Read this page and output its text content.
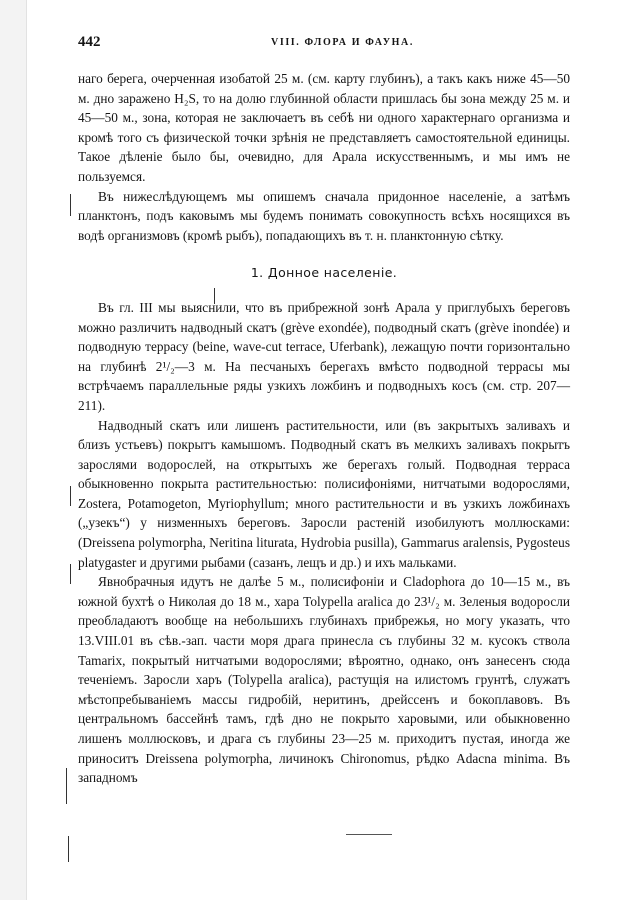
442	VIII. ФЛОРА И ФАУНА.

нaго берега, очерченная изобатой 25 м. (см. карту глубинъ), а такъ какъ ниже 45—50 м. дно заражено H₂S, то на долю глубинной области пришлась бы зона между 25 м. и 45—50 м., зона, которая не заключаетъ въ себѣ ни одного характернаго организма и кромѣ того съ физической точки зрѣнія не представляетъ самостоятельной единицы. Такое дѣленіе было бы, очевидно, для Арала искусственнымъ, и мы имъ не пользуемся.

Въ нижеслѣдующемъ мы опишемъ сначала придонное населеніе, а затѣмъ планктонъ, подъ каковымъ мы будемъ понимать совокупность всѣхъ носящихся въ водѣ организмовъ (кромѣ рыбъ), попадающихъ въ т. н. планктонную сѣтку.

1. Донное населеніе.

Въ гл. III мы выяснили, что въ прибрежной зонѣ Арала у приглубыхъ береговъ можно различить надводный скатъ (grève exondée), подводный скатъ (grève inondée) и подводную террасу (beine, wave-cut terrace, Uferbank), лежащую почти горизонтально на глубинѣ 2¹/₂—3 м. На песчаныхъ берегахъ вмѣсто подводной террасы мы встрѣчаемъ параллельные ряды узкихъ ложбинъ и подводныхъ косъ (см. стр. 207—211).

Надводный скатъ или лишенъ растительности, или (въ закрытыхъ заливахъ и близъ устьевъ) покрытъ камышомъ. Подводный скатъ въ мелкихъ заливахъ покрытъ зарослями водорослей, на открытыхъ же берегахъ голый. Подводная терраса обыкновенно покрыта растительностью: полисифоніями, нитчатыми водорослями, Zostera, Potamogeton, Myriophyllum; много растительности и въ узкихъ ложбинахъ („узекъ“) у низменныхъ береговъ. Заросли растеній изобилуютъ моллюсками: (Dreissena polymorpha, Neritina liturata, Hydrobia pusilla), Gammarus aralensis, Pygosteus platygaster и другими рыбами (сазанъ, лещъ и др.) и ихъ мальками.

Явнобрачныя идутъ не далѣе 5 м., полисифоніи и Cladophora до 10—15 м., въ южной бухтѣ о Николая до 18 м., хара Tolypella aralica до 23¹/₂ м. Зеленыя водоросли преобладаютъ вообще на небольшихъ глубинахъ прибрежья, но могу указать, что 13.VIII.01 въ сѣв.-зап. части моря драга принесла съ глубины 32 м. кусокъ ствола Tamarix, покрытый нитчатыми водорослями; вѣроятно, однако, онъ занесенъ сюда теченіемъ. Заросли харъ (Tolypella aralica), растущія на илистомъ грунтѣ, служатъ мѣстопребываніемъ массы гидробій, неритинъ, дрейссенъ и бокоплавовъ. Въ центральномъ бассейнѣ тамъ, гдѣ дно не покрыто харовыми, или обыкновенно лишенъ моллюсковъ, и драга съ глубины 23—25 м. приходитъ пустая, иногда же приноситъ Dreissena polymorpha, личинокъ Chironomus, рѣдко Adacna minima. Въ западномъ
